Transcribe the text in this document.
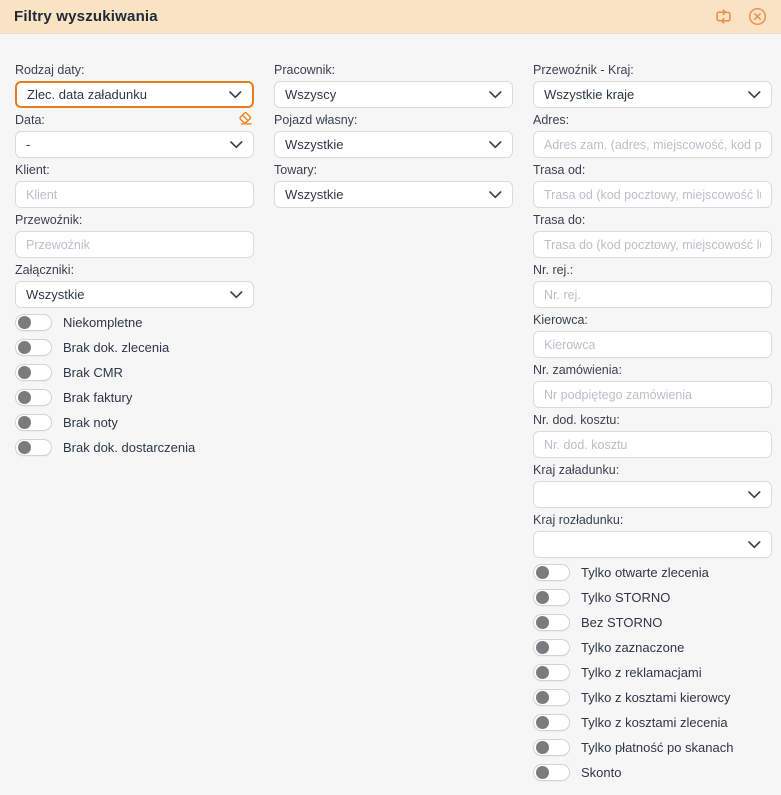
Filtry wyszukiwania
Rodzaj daty:
Zlec. data załadunku
Data:
-
Klient:
Klient
Przewoźnik:
Przewoźnik
Załączniki:
Wszystkie
Niekompletne
Brak dok. zlecenia
Brak CMR
Brak faktury
Brak noty
Brak dok. dostarczenia
Pracownik:
Wszyscy
Pojazd własny:
Wszystkie
Towary:
Wszystkie
Przewoźnik - Kraj:
Wszystkie kraje
Adres:
Adres zam. (adres, miejscowość, kod pocztowy, współrzędne)
Trasa od:
Trasa od (kod pocztowy, miejscowość lub adres)
Trasa do:
Trasa do (kod pocztowy, miejscowość lub adres)
Nr. rej.:
Nr. rej.
Kierowca:
Kierowca
Nr. zamówienia:
Nr podpiętego zamówienia
Nr. dod. kosztu:
Nr. dod. kosztu
Kraj załadunku:
Kraj rozładunku:
Tylko otwarte zlecenia
Tylko STORNO
Bez STORNO
Tylko zaznaczone
Tylko z reklamacjami
Tylko z kosztami kierowcy
Tylko z kosztami zlecenia
Tylko płatność po skanach
Skonto
